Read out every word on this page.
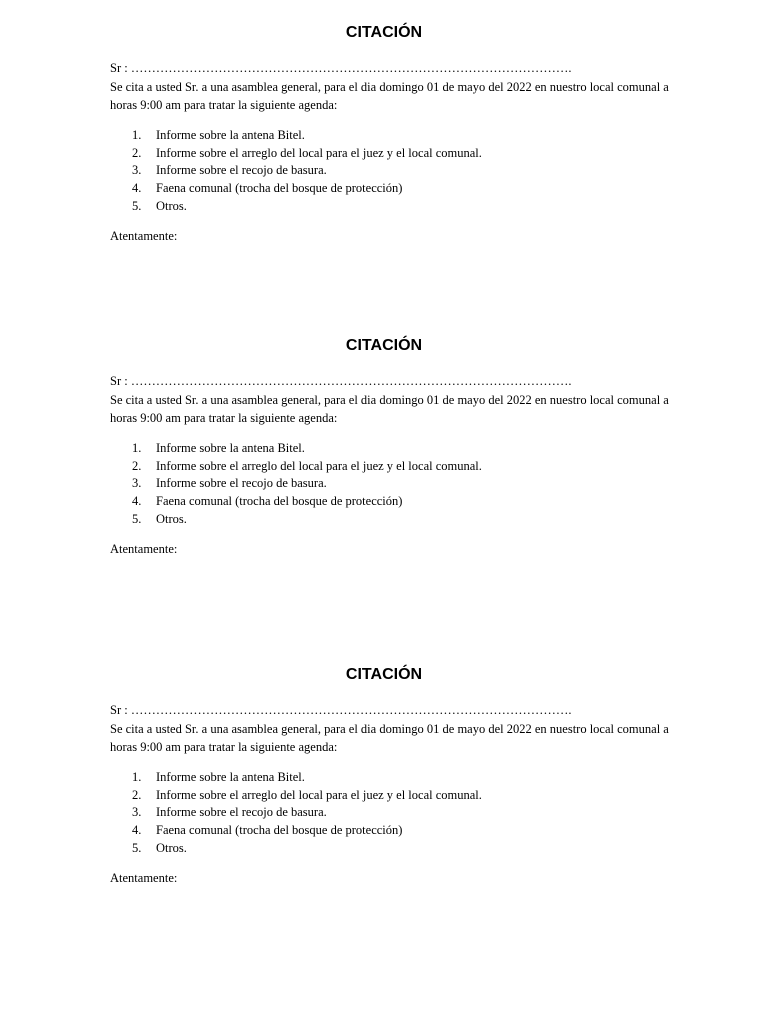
CITACIÓN
Sr : …………………………………………………………………………………………….

Se cita a usted Sr. a una asamblea general, para el dia domingo 01 de mayo del 2022 en nuestro local comunal a horas 9:00 am para tratar la siguiente agenda:

1. Informe sobre la antena Bitel.
2. Informe sobre el arreglo del local para el juez y el local comunal.
3. Informe sobre el recojo de basura.
4. Faena comunal (trocha del bosque de protección)
5. Otros.
Atentamente:
CITACIÓN
Sr : …………………………………………………………………………………………….

Se cita a usted Sr. a una asamblea general, para el dia domingo 01 de mayo del 2022 en nuestro local comunal a horas 9:00 am para tratar la siguiente agenda:

1. Informe sobre la antena Bitel.
2. Informe sobre el arreglo del local para el juez y el local comunal.
3. Informe sobre el recojo de basura.
4. Faena comunal (trocha del bosque de protección)
5. Otros.
Atentamente:
CITACIÓN
Sr : …………………………………………………………………………………………….

Se cita a usted Sr. a una asamblea general, para el dia domingo 01 de mayo del 2022 en nuestro local comunal a horas 9:00 am para tratar la siguiente agenda:

1. Informe sobre la antena Bitel.
2. Informe sobre el arreglo del local para el juez y el local comunal.
3. Informe sobre el recojo de basura.
4. Faena comunal (trocha del bosque de protección)
5. Otros.
Atentamente:
